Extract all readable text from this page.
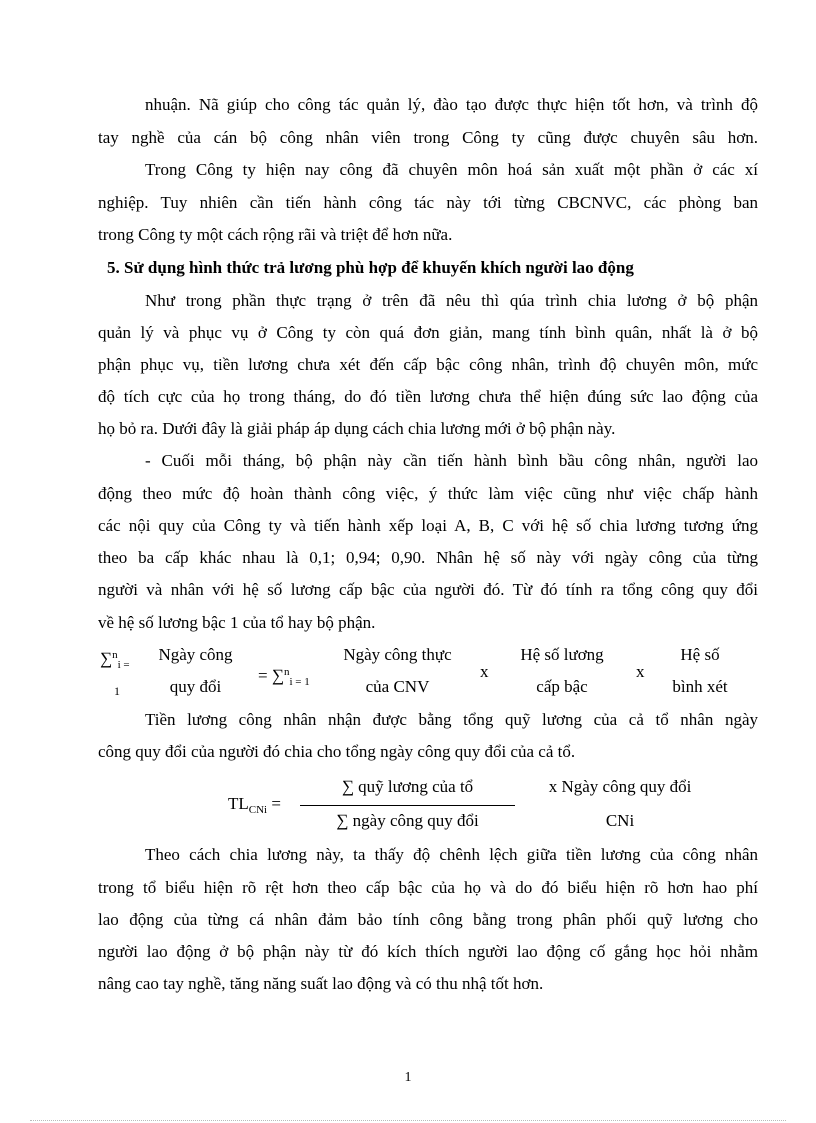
nhuận. Nã giúp cho công tác quản lý, đào tạo được thực hiện tốt hơn, và trình độ
tay nghề của cán bộ công nhân viên trong Công ty cũng được chuyên sâu hơn.
Trong Công ty hiện nay công đã chuyên môn hoá sản xuất một phần ở các xí
nghiệp. Tuy nhiên cần tiến hành công tác này tới từng CBCNVC, các phòng ban
trong Công ty một cách rộng rãi và triệt để hơn nữa.
5. Sử dụng hình thức trả lương phù hợp để khuyến khích người lao động
Như trong phần thực trạng ở trên đã nêu thì qúa trình chia lương ở bộ phận
quản lý và phục vụ ở Công ty còn quá đơn giản, mang tính bình quân, nhất là ở bộ
phận phục vụ, tiền lương chưa xét đến cấp bậc công nhân, trình độ chuyên môn, mức
độ tích cực của họ trong tháng, do đó tiền lương chưa thể hiện đúng sức lao động của
họ bỏ ra. Dưới đây là giải pháp áp dụng cách chia lương mới ở bộ phận này.
- Cuối mỗi tháng, bộ phận này cần tiến hành bình bầu công nhân, người lao
động theo mức độ hoàn thành công việc, ý thức làm việc cũng như việc chấp hành
các nội quy của Công ty và tiến hành xếp loại A, B, C với hệ số chia lương tương ứng
theo ba cấp khác nhau là 0,1; 0,94; 0,90. Nhân hệ số này với ngày công của từng
người và nhân với hệ số lương cấp bậc của người đó. Từ đó tính ra tổng công quy đổi
về hệ số lương bậc 1 của tổ hay bộ phận.
∑$^n_{i =}$
1
Ngày công
quy đổi
= ∑$^n_{i = 1}$
Ngày công thực
của CNV
x
Hệ số lương
cấp bậc
x
Hệ số
bình xét
Tiền lương công nhân nhận được bằng tổng quỹ lương của cả tổ nhân ngày
công quy đổi của người đó chia cho tổng ngày công quy đổi của cả tổ.
$TL_{CNi}$ =
∑ quỹ lương của tổ
∑ ngày công quy đổi
x Ngày công quy đổi
CNi
Theo cách chia lương này, ta thấy độ chênh lệch giữa tiền lương của công nhân
trong tổ biểu hiện rõ rệt hơn theo cấp bậc của họ và do đó biểu hiện rõ hơn hao phí
lao động của từng cá nhân đảm bảo tính công bằng trong phân phối quỹ lương cho
người lao động ở bộ phận này từ đó kích thích người lao động cố gắng học hỏi nhằm
nâng cao tay nghề, tăng năng suất lao động và có thu nhậ tốt hơn.
1
